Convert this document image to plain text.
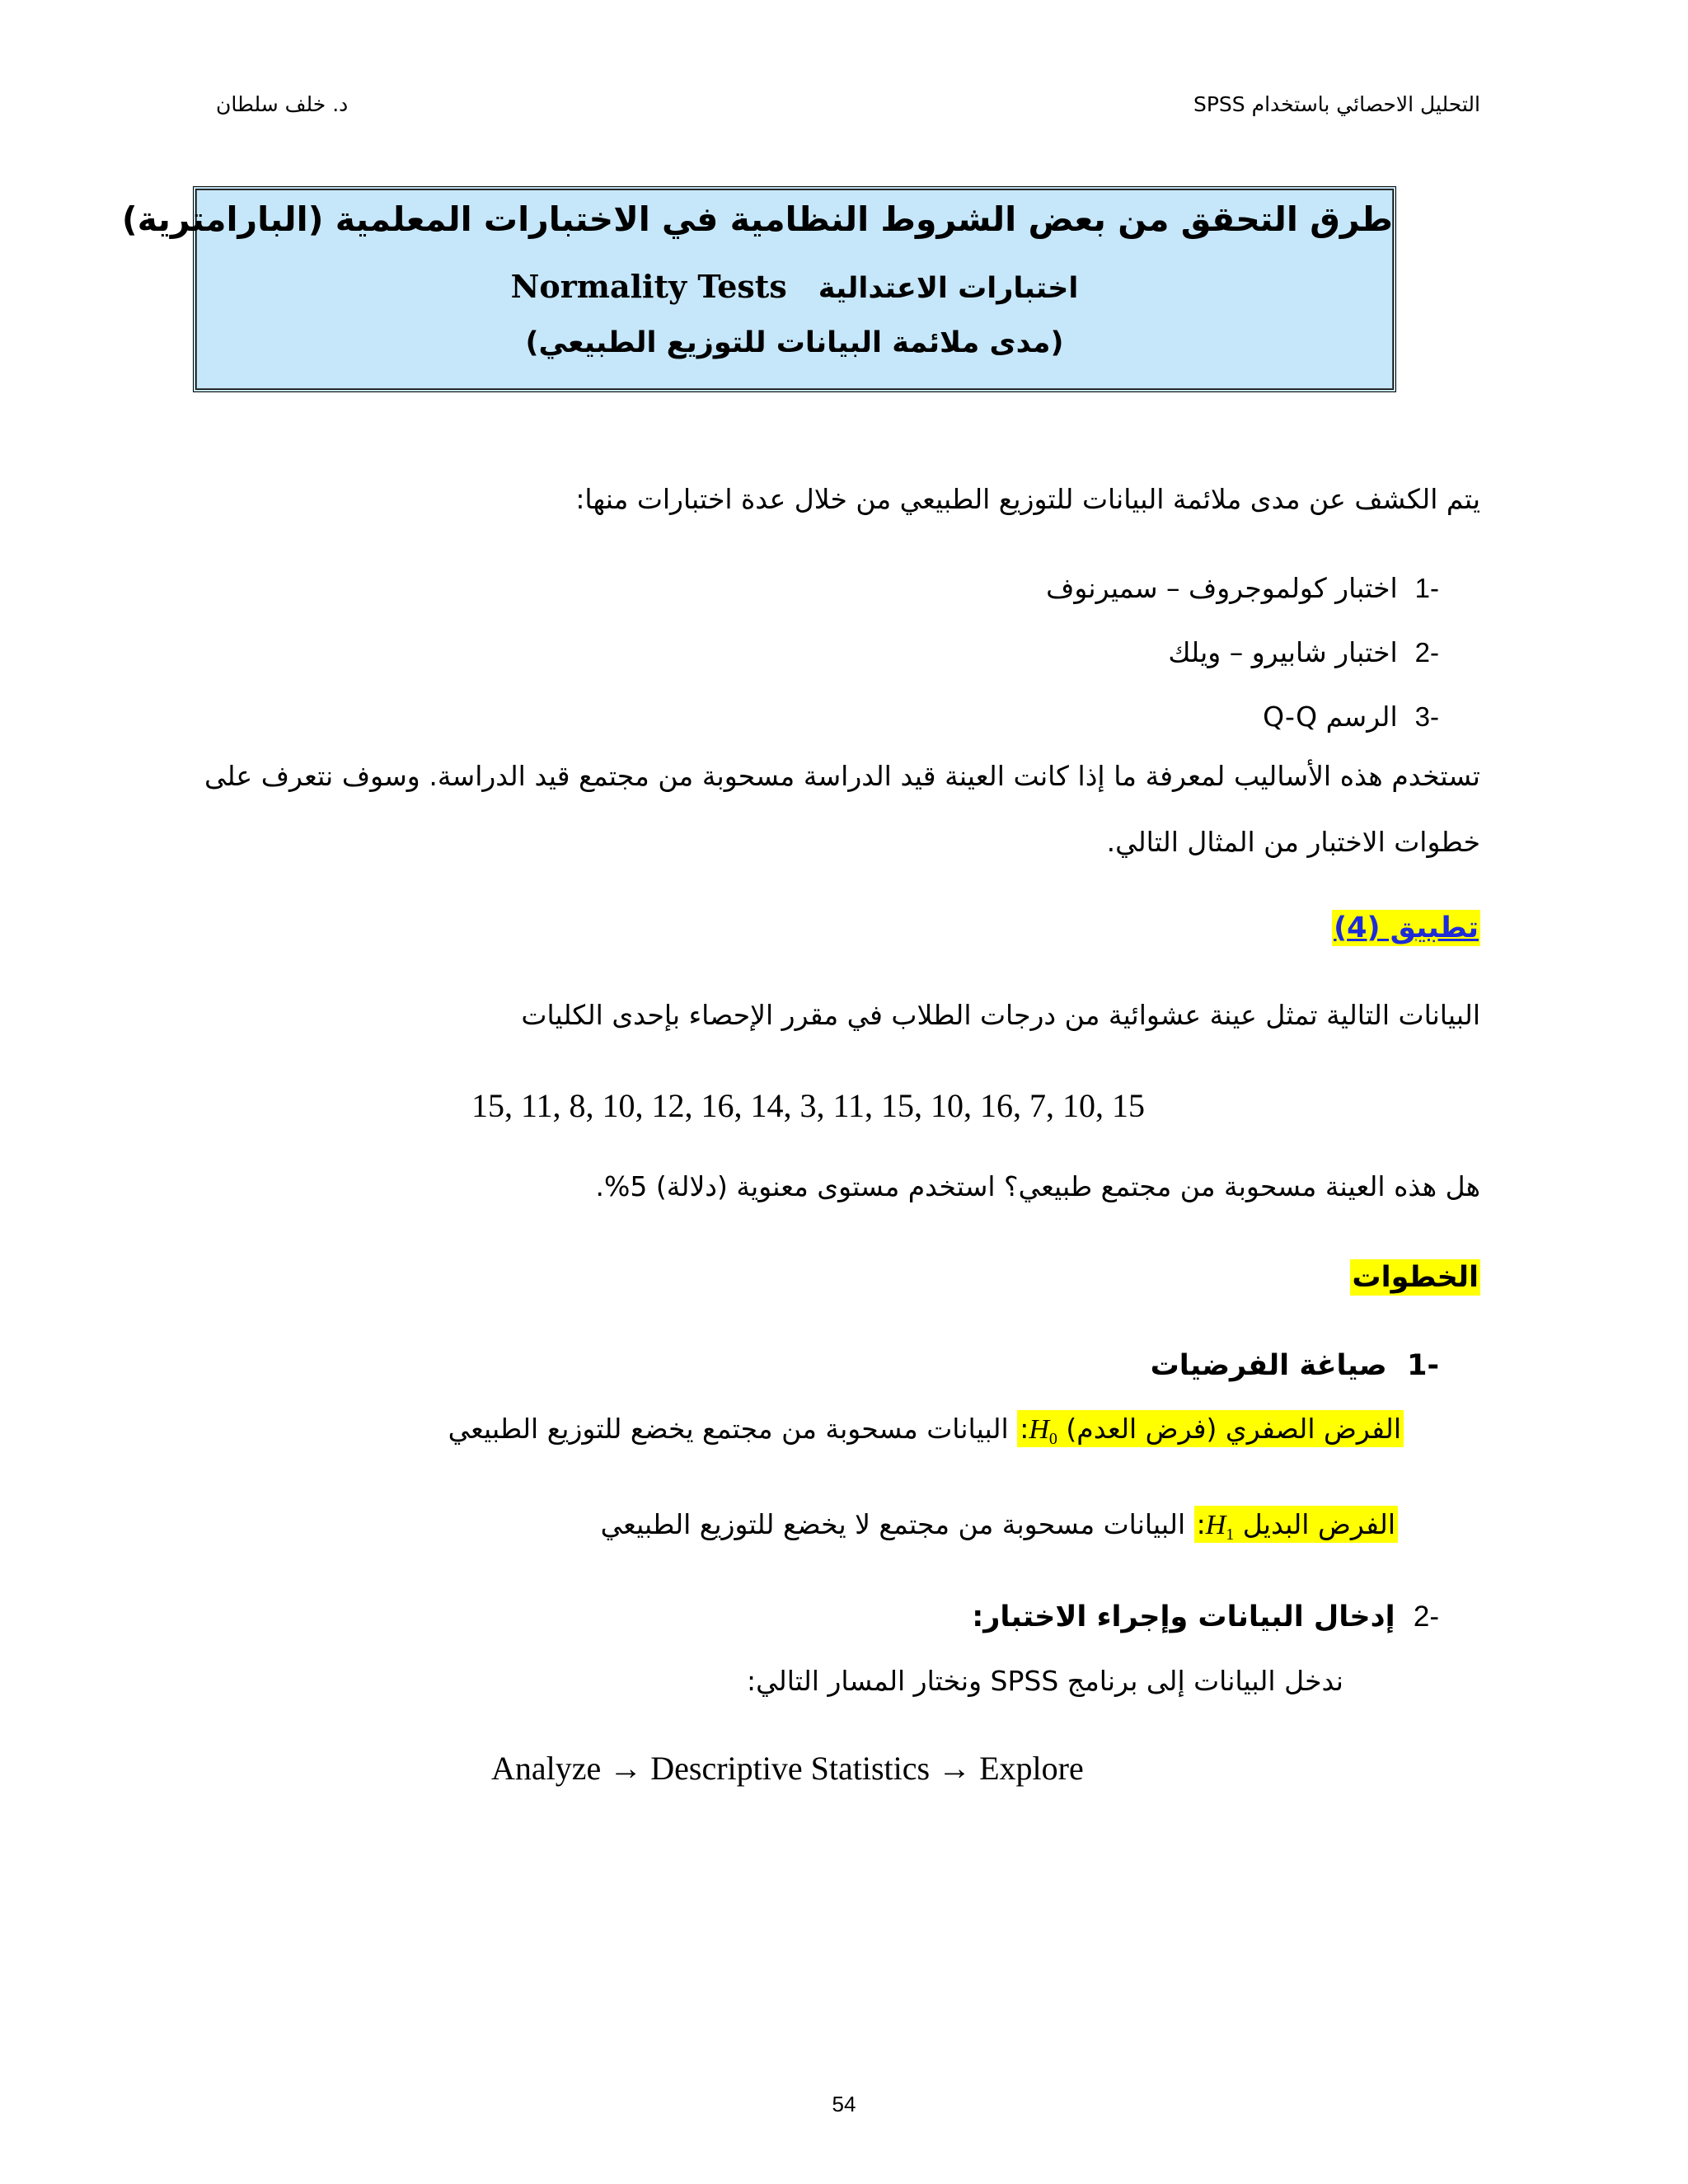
التحليل الاحصائي باستخدام SPSS
د. خلف سلطان
طرق التحقق من بعض الشروط النظامية في الاختبارات المعلمية (البارامترية)
اختبارات الاعتداليةNormality Tests
(مدى ملائمة البيانات للتوزيع الطبيعي)
يتم الكشف عن مدى ملائمة البيانات للتوزيع الطبيعي من خلال عدة اختبارات منها:
-1  اختبار كولموجروف – سميرنوف
-2  اختبار شابيرو – ويلك
-3  الرسم Q-Q
تستخدم هذه الأساليب لمعرفة ما إذا كانت العينة قيد الدراسة مسحوبة من مجتمع قيد الدراسة. وسوف نتعرف على
خطوات الاختبار من المثال التالي.
تطبيق (4)
البيانات التالية تمثل عينة عشوائية من درجات الطلاب في مقرر الإحصاء بإحدى الكليات
15, 11, 8, 10, 12, 16, 14, 3, 11, 15, 10, 16, 7, 10, 15
هل هذه العينة مسحوبة من مجتمع طبيعي؟ استخدم مستوى معنوية (دلالة) 5%.
الخطوات
-1  صياغة الفرضيات
الفرض الصفري (فرض العدم) $H_0$: البيانات مسحوبة من مجتمع يخضع للتوزيع الطبيعي
الفرض البديل $H_1$: البيانات مسحوبة من مجتمع لا يخضع للتوزيع الطبيعي
-2  إدخال البيانات وإجراء الاختبار:
ندخل البيانات إلى برنامج SPSS ونختار المسار التالي:
Analyze → Descriptive Statistics → Explore
54
